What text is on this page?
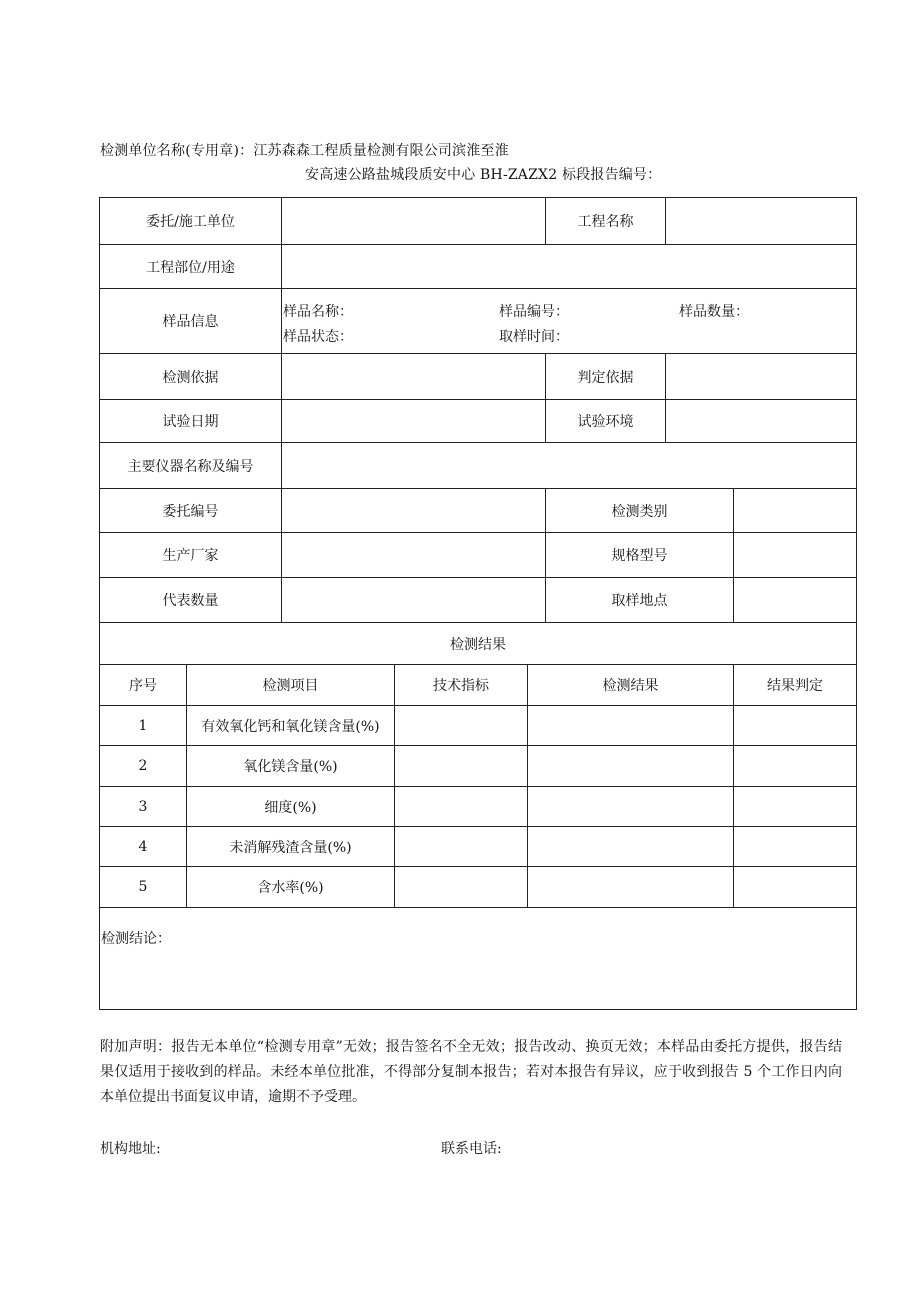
检测单位名称(专用章)：江苏森森工程质量检测有限公司滨淮至淮
安高速公路盐城段质安中心 BH-ZAZX2 标段报告编号：
委托/施工单位					工程名称		
工程部位/用途							
样品信息		样品名称： 样品编号： 样品数量：
样品状态： 取样时间：					

检测依据					判定依据		
试验日期					试验环境		
主要仪器名称及编号							
委托编号					检测类别		
生产厂家					规格型号		
代表数量					取样地点		
检测结果							
序号	检测项目		技术指标	检测结果			结果判定
1	有效氧化钙和氧化镁含量(%)						
2	氧化镁含量(%)						
3	细度(%)						
4	未消解残渣含量(%)						
5	含水率(%)						

检测结论：							
附加声明：报告无本单位“检测专用章”无效；报告签名不全无效；报告改动、换页无效；本样品由委托方提供，报告结果仅适用于接收到的样品。未经本单位批准，不得部分复制本报告；若对本报告有异议，应于收到报告 5 个工作日内向本单位提出书面复议申请，逾期不予受理。
机构地址:	联系电话:
